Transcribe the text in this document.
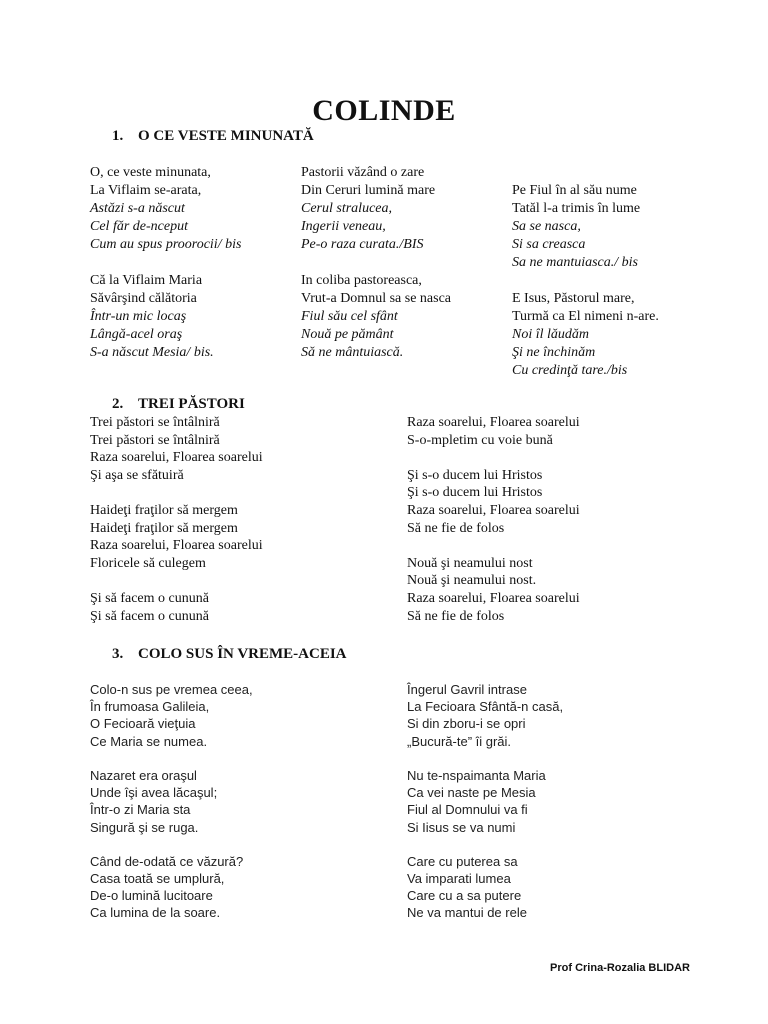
COLINDE
1. O CE VESTE MINUNATĂ
O, ce veste minunata,
La Viflaim se-arata,
Astăzi s-a născut
Cel făr de-nceput
Cum au spus proorocii/ bis
Că la Viflaim Maria
Săvârşind călătoria
Într-un mic locaş
Lângă-acel oraş
S-a născut Mesia/ bis.
Pastorii văzând o zare
Din Ceruri lumină mare
Cerul stralucea,
Ingerii veneau,
Pe-o raza curata./BIS
In coliba pastoreasca,
Vrut-a Domnul sa se nasca
Fiul său cel sfânt
Nouă pe pământ
Să ne mântuiască.
Pe Fiul în al său nume
Tatăl l-a trimis în lume
Sa se nasca,
Si sa creasca
Sa ne mantuiasca./ bis
E Isus, Păstorul mare,
Turmă ca El nimeni n-are.
Noi îl lăudăm
Şi ne închinăm
Cu credinţă tare./bis
2. TREI PĂSTORI
Trei păstori se întâlniră
Trei păstori se întâlniră
Raza soarelui, Floarea soarelui
Şi aşa se sfătuiră
Haideţi fraţilor să mergem
Haideţi fraţilor să mergem
Raza soarelui, Floarea soarelui
Floricele să culegem
Şi să facem o cunună
Şi să facem o cunună
Raza soarelui, Floarea soarelui
S-o-mpletim cu voie bună
Şi s-o ducem lui Hristos
Şi s-o ducem lui Hristos
Raza soarelui, Floarea soarelui
Să ne fie de folos
Nouă şi neamului nost
Nouă şi neamului nost.
Raza soarelui, Floarea soarelui
Să ne fie de folos
3. COLO SUS ÎN VREME-ACEIA
Colo-n sus pe vremea ceea,
În frumoasa Galileia,
O Fecioară vieţuia
Ce Maria se numea.
Nazaret era oraşul
Unde îşi avea lăcaşul;
Într-o zi Maria sta
Singură şi se ruga.
Când de-odată ce văzură?
Casa toată se umplură,
De-o lumină lucitoare
Ca lumina de la soare.
Îngerul Gavril intrase
La Fecioara Sfântă-n casă,
Si din zboru-i se opri
„Bucură-te” îi grăi.
Nu te-nspaimanta Maria
Ca vei naste pe Mesia
Fiul al Domnului va fi
Si Iisus se va numi
Care cu puterea sa
Va imparati lumea
Care cu a sa putere
Ne va mantui de rele
Prof Crina-Rozalia BLIDAR
